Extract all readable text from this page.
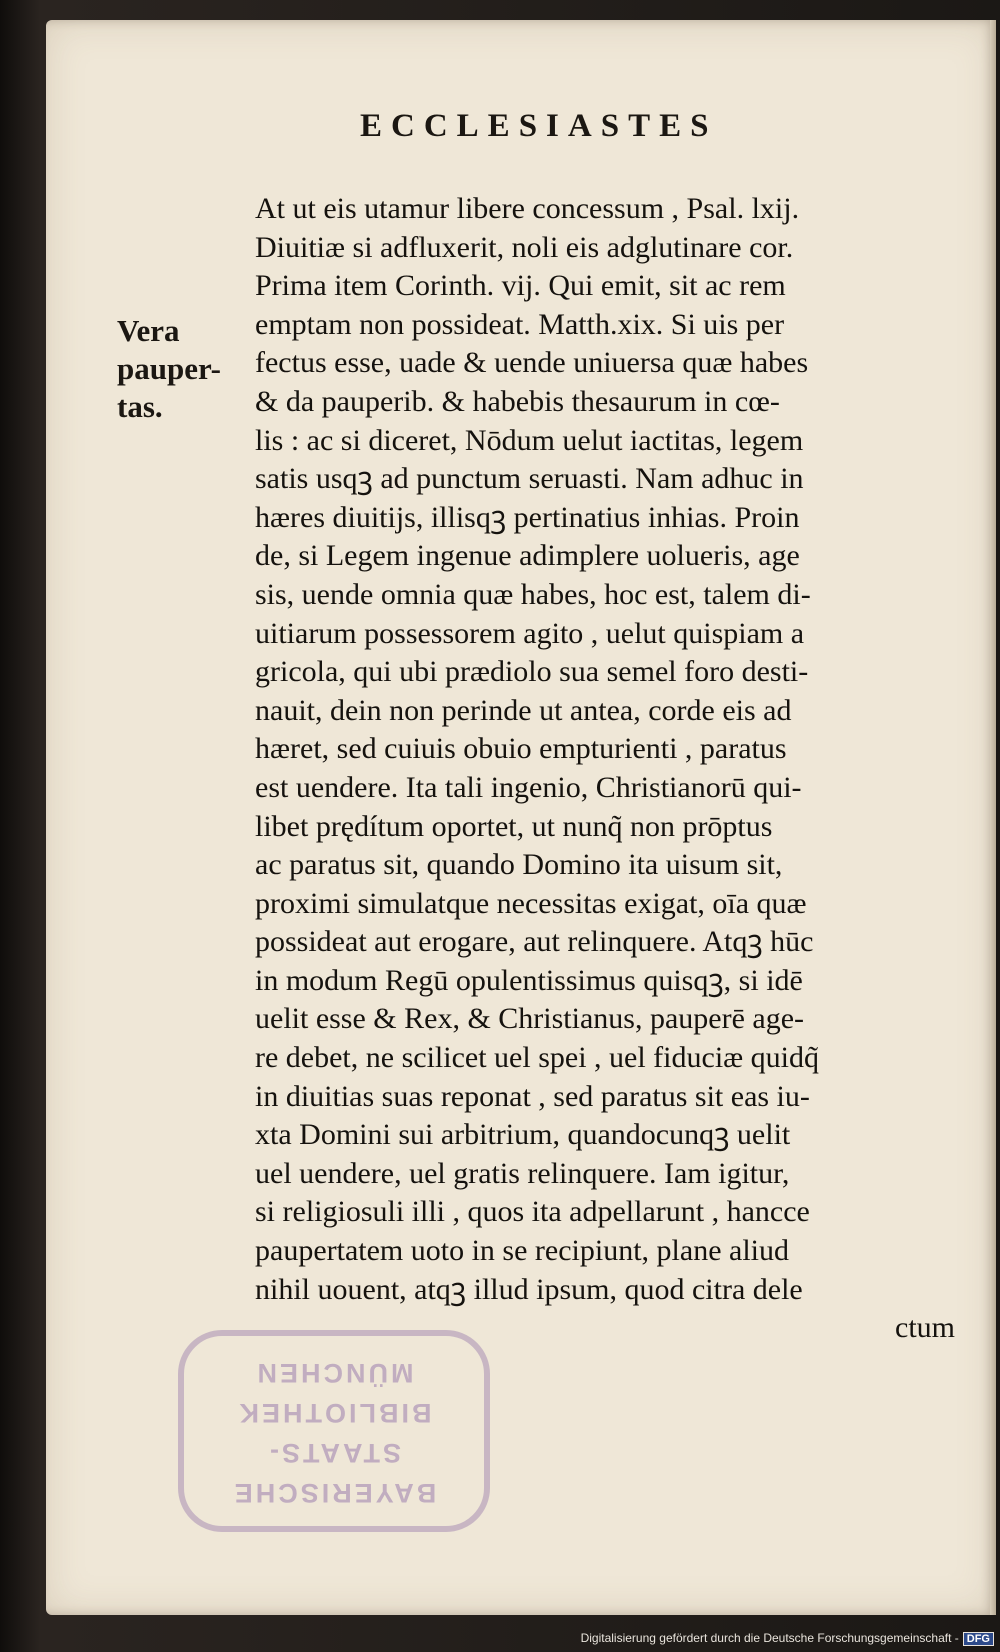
ECCLESIASTES
Vera
pauper-
tas.
At ut eis utamur libere concessum , Psal. lxij.
Diuitiæ si adfluxerit, noli eis adglutinare cor.
Prima item Corinth. vij. Qui emit, sit ac rem
emptam non possideat. Matth.xix. Si uis per
fectus esse, uade & uende uniuersa quæ habes
& da pauperib. & habebis thesaurum in cœ-
lis : ac si diceret, Nōdum uelut iactitas, legem
satis usqꝫ ad punctum seruasti. Nam adhuc in
hæres diuitijs, illisqꝫ pertinatius inhias. Proin
de, si Legem ingenue adimplere uolueris, age
sis, uende omnia quæ habes, hoc est, talem di-
uitiarum possessorem agito , uelut quispiam a
gricola, qui ubi prædiolo sua semel foro desti-
nauit, dein non perinde ut antea, corde eis ad
hæret, sed cuiuis obuio empturienti , paratus
est uendere. Ita tali ingenio, Christianorū qui-
libet prędítum oportet, ut nunq̃ non prōptus
ac paratus sit, quando Domino ita uisum sit,
proximi simulatque necessitas exigat, oīa quæ
possideat aut erogare, aut relinquere. Atqꝫ hūc
in modum Regū opulentissimus quisqꝫ, si idē
uelit esse & Rex, & Christianus, pauperē age-
re debet, ne scilicet uel spei , uel fiduciæ quidq̃
in diuitias suas reponat , sed paratus sit eas iu-
xta Domini sui arbitrium, quandocunqꝫ uelit
uel uendere, uel gratis relinquere. Iam igitur,
si religiosuli illi , quos ita adpellarunt , hancce
paupertatem uoto in se recipiunt, plane aliud
nihil uouent, atqꝫ illud ipsum, quod citra dele
ctum
BAYERISCHE
STAATS-
BIBLIOTHEK
MÜNCHEN
Digitalisierung gefördert durch die Deutsche Forschungsgemeinschaft - DFG
